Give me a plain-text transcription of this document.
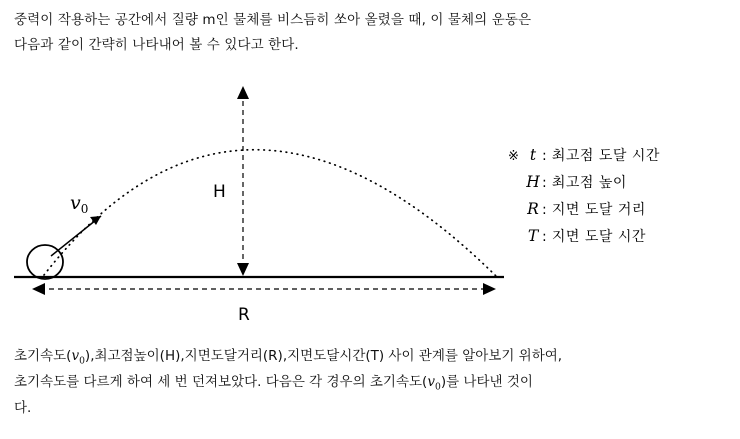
중력이 작용하는 공간에서 질량 m인 물체를 비스듬히 쏘아 올렸을 때, 이 물체의 운동은
다음과 같이 간략히 나타내어 볼 수 있다고 한다.
$v_0$
H
R
※ t : 최고점 도달 시간
H : 최고점 높이
R : 지면 도달 거리
T : 지면 도달 시간
초기속도$(v_0)$,최고점높이(H),지면도달거리(R),지면도달시간(T) 사이 관계를 알아보기 위하여,
초기속도를 다르게 하여 세 번 던져보았다. 다음은 각 경우의 초기속도$(v_0)$를 나타낸 것이
다.
